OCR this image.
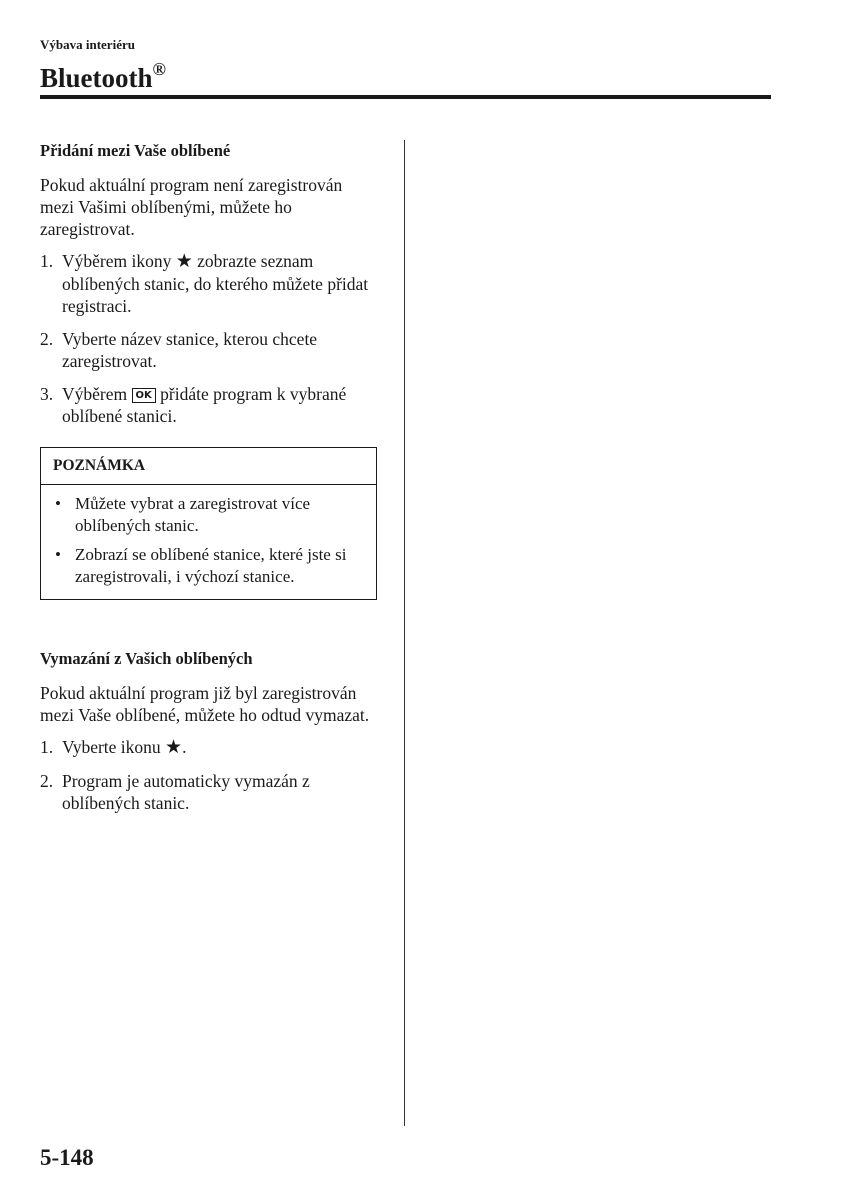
Výbava interiéru
Bluetooth®

Přidání mezi Vaše oblíbené

Pokud aktuální program není zaregistrován mezi Vašimi oblíbenými, můžete ho zaregistrovat.

1. Výběrem ikony ★ zobrazte seznam oblíbených stanic, do kterého můžete přidat registraci.
2. Vyberte název stanice, kterou chcete zaregistrovat.
3. Výběrem OK přidáte program k vybrané oblíbené stanici.
POZNÁMKA
• Můžete vybrat a zaregistrovat více oblíbených stanic.
• Zobrazí se oblíbené stanice, které jste si zaregistrovali, i výchozí stanice.

Vymazání z Vašich oblíbených

Pokud aktuální program již byl zaregistrován mezi Vaše oblíbené, můžete ho odtud vymazat.

1. Vyberte ikonu ★.
2. Program je automaticky vymazán z oblíbených stanic.
5-148
